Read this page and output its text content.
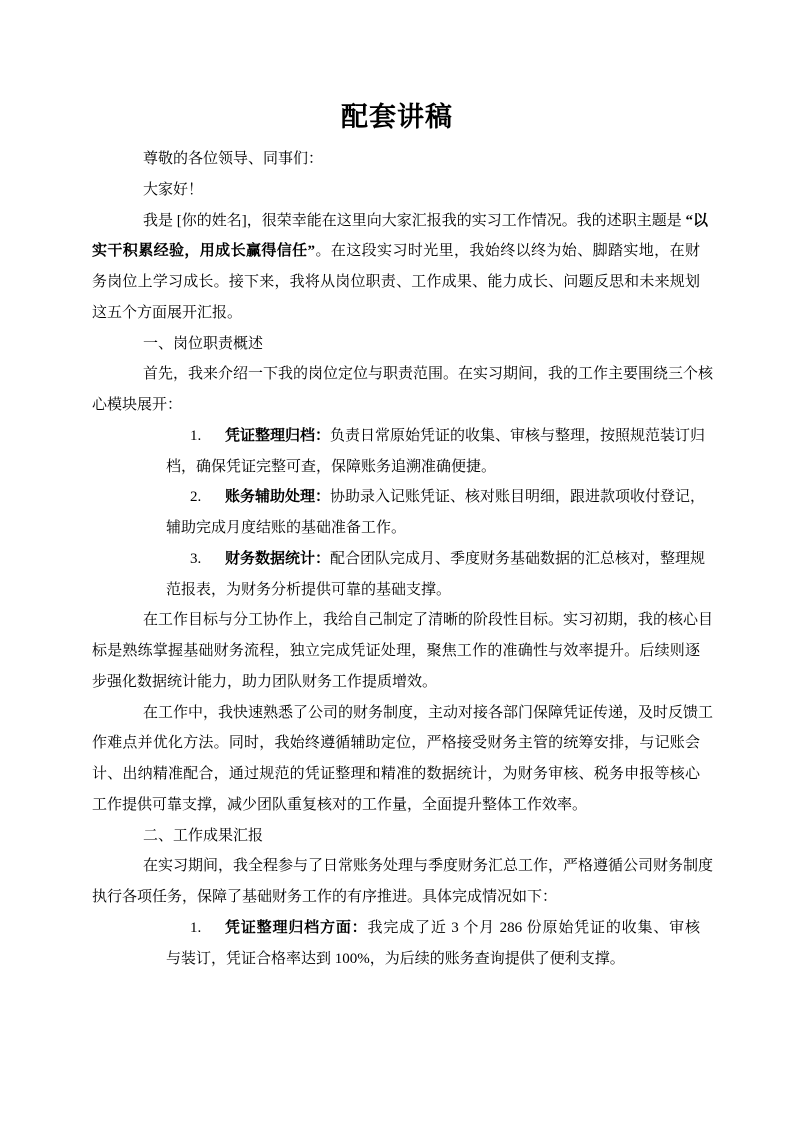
配套讲稿
尊敬的各位领导、同事们：
大家好！
我是 [你的姓名]，很荣幸能在这里向大家汇报我的实习工作情况。我的述职主题是 “以
实干积累经验，用成长赢得信任”。在这段实习时光里，我始终以终为始、脚踏实地，在财
务岗位上学习成长。接下来，我将从岗位职责、工作成果、能力成长、问题反思和未来规划
这五个方面展开汇报。
一、岗位职责概述
首先，我来介绍一下我的岗位定位与职责范围。在实习期间，我的工作主要围绕三个核
心模块展开：
1. 凭证整理归档：负责日常原始凭证的收集、审核与整理，按照规范装订归
档，确保凭证完整可查，保障账务追溯准确便捷。
2. 账务辅助处理：协助录入记账凭证、核对账目明细，跟进款项收付登记，
辅助完成月度结账的基础准备工作。
3. 财务数据统计：配合团队完成月、季度财务基础数据的汇总核对，整理规
范报表，为财务分析提供可靠的基础支撑。
在工作目标与分工协作上，我给自己制定了清晰的阶段性目标。实习初期，我的核心目
标是熟练掌握基础财务流程，独立完成凭证处理，聚焦工作的准确性与效率提升。后续则逐
步强化数据统计能力，助力团队财务工作提质增效。
在工作中，我快速熟悉了公司的财务制度，主动对接各部门保障凭证传递，及时反馈工
作难点并优化方法。同时，我始终遵循辅助定位，严格接受财务主管的统筹安排，与记账会
计、出纳精准配合，通过规范的凭证整理和精准的数据统计，为财务审核、税务申报等核心
工作提供可靠支撑，减少团队重复核对的工作量，全面提升整体工作效率。
二、工作成果汇报
在实习期间，我全程参与了日常账务处理与季度财务汇总工作，严格遵循公司财务制度
执行各项任务，保障了基础财务工作的有序推进。具体完成情况如下：
1. 凭证整理归档方面：我完成了近 3 个月 286 份原始凭证的收集、审核
与装订，凭证合格率达到 100%，为后续的账务查询提供了便利支撑。
